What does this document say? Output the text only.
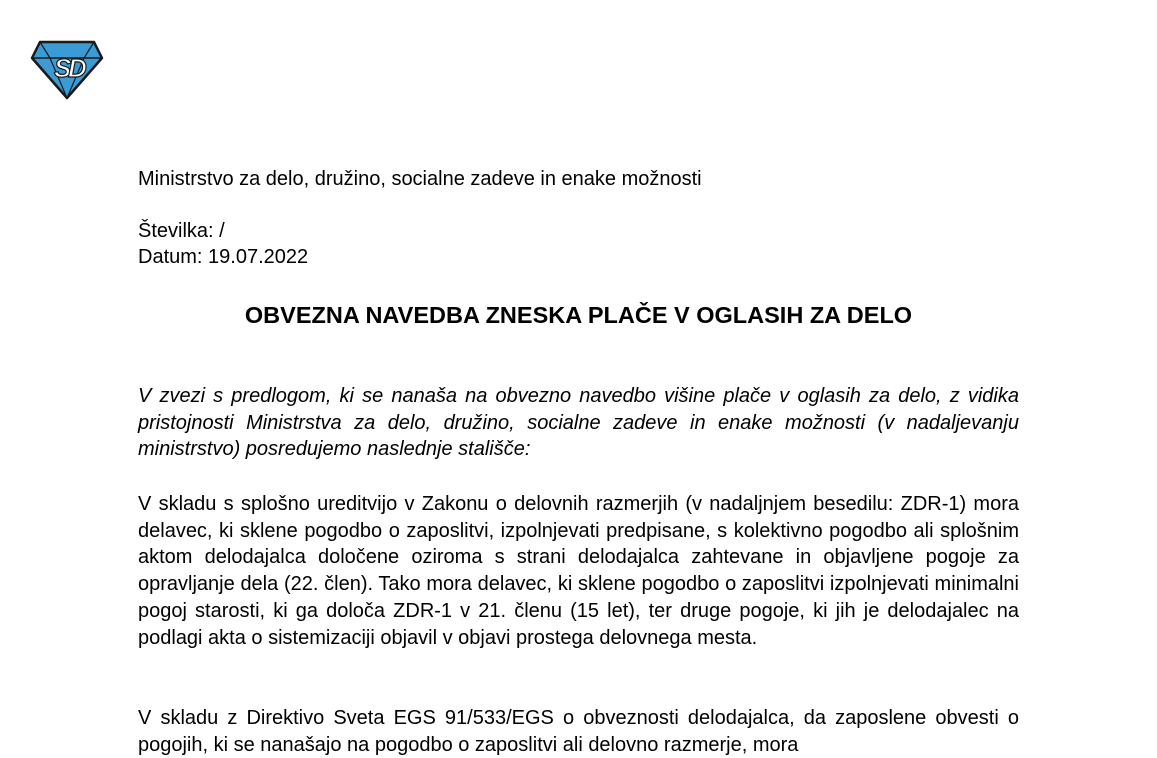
S
D
Ministrstvo za delo, družino, socialne zadeve in enake možnosti
Številka: /
Datum: 19.07.2022
OBVEZNA NAVEDBA ZNESKA PLAČE V OGLASIH ZA DELO

V zvezi s predlogom, ki se nanaša na obvezno navedbo višine plače v oglasih za delo, z vidika pristojnosti Ministrstva za delo, družino, socialne zadeve in enake možnosti (v nadaljevanju ministrstvo) posredujemo naslednje stališče:

V skladu s splošno ureditvijo v Zakonu o delovnih razmerjih (v nadaljnjem besedilu: ZDR-1) mora delavec, ki sklene pogodbo o zaposlitvi, izpolnjevati predpisane, s kolektivno pogodbo ali splošnim aktom delodajalca določene oziroma s strani delodajalca zahtevane in objavljene pogoje za opravljanje dela (22. člen). Tako mora delavec, ki sklene pogodbo o zaposlitvi izpolnjevati minimalni pogoj starosti, ki ga določa ZDR-1 v 21. členu (15 let), ter druge pogoje, ki jih je delodajalec na podlagi akta o sistemizaciji objavil v objavi prostega delovnega mesta.

V skladu z Direktivo Sveta EGS 91/533/EGS o obveznosti delodajalca, da zaposlene obvesti o pogojih, ki se nanašajo na pogodbo o zaposlitvi ali delovno razmerje, mora
